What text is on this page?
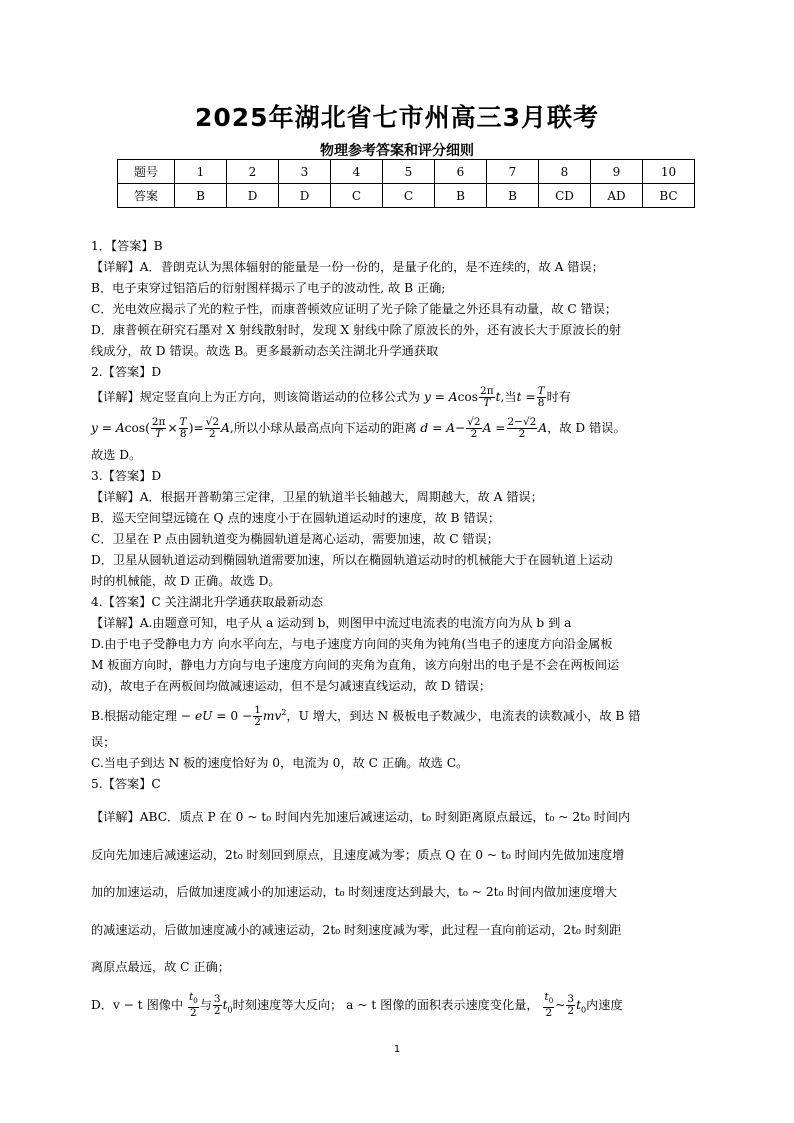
2025年湖北省七市州高三3月联考
物理参考答案和评分细则
题号	1	2	3	4	5	6	7	8	9	10
答案	B	D	D	C	C	B	B	CD	AD	BC

1．【答案】B

【详解】A．普朗克认为黑体辐射的能量是一份一份的，是量子化的，是不连续的，故 A 错误；

B．电子束穿过铝箔后的衍射图样揭示了电子的波动性, 故 B 正确;

C．光电效应揭示了光的粒子性，而康普顿效应证明了光子除了能量之外还具有动量，故 C 错误；

D．康普顿在研究石墨对 X 射线散射时，发现 X 射线中除了原波长的外，还有波长大于原波长的射

线成分，故 D 错误。故选 B。更多最新动态关注湖北升学通获取

2.【答案】D

【详解】规定竖直向上为正方向，则该简谐运动的位移公式为 y = Acos $\frac{2\pi}{T} t$,当$t = \frac{T}{8}$ 时有

$y = Acos( \frac{2\pi}{T} \times \frac{T}{8}$ )= $\frac{√2}{2} A$,所以小球从最高点向下运动的距离 $d = A- \frac{√2}{2}$ $A = \frac{2-√2}{2}$ A，故 D 错误。

故选 D。

3.【答案】D

【详解】A．根据开普勒第三定律，卫星的轨道半长轴越大，周期越大，故 A 错误；

B．巡天空间望远镜在 Q 点的速度小于在圆轨道运动时的速度，故 B 错误；

C．卫星在 P 点由圆轨道变为椭圆轨道是离心运动，需要加速，故 C 错误；

D．卫星从圆轨道运动到椭圆轨道需要加速，所以在椭圆轨道运动时的机械能大于在圆轨道上运动

时的机械能，故 D 正确。故选 D。

4.【答案】C 关注湖北升学通获取最新动态

【详解】A.由题意可知，电子从 a 运动到 b，则图甲中流过电流表的电流方向为从 b 到 a

D.由于电子受静电力方 向水平向左，与电子速度方向间的夹角为钝角(当电子的速度方向沿金属板

M 板面方向时，静电力方向与电子速度方向间的夹角为直角，该方向射出的电子是不会在两板间运

动)，故电子在两板间均做减速运动，但不是匀减速直线运动，故 D 错误；

B.根据动能定理 − eU = $0 - \frac{1}{2} mv^2$，U 增大，到达 N 极板电子数减少，电流表的读数减小，故 B 错

误；

C.当电子到达 N 板的速度恰好为 0，电流为 0，故 C 正确。故选 C。

5.【答案】C

【详解】ABC．质点 P 在 0 ~ t₀ 时间内先加速后减速运动，t₀ 时刻距离原点最远，t₀ ~ 2t₀ 时间内

反向先加速后减速运动，2t₀ 时刻回到原点，且速度减为零；质点 Q 在 0 ~ t₀ 时间内先做加速度增

加的加速运动，后做加速度减小的加速运动，t₀ 时刻速度达到最大，t₀ ~ 2t₀ 时间内做加速度增大

的减速运动，后做加速度减小的减速运动，2t₀ 时刻速度减为零，此过程一直向前运动，2t₀ 时刻距

离原点最远，故 C 正确；

D．v − t 图像中 $\frac{t_0}{2}$ 与 $\frac{3}{2} t_0$时刻速度等大反向； a ~ t 图像的面积表示速度变化量， $\frac{t_0}{2}$ ~ $\frac{3}{2} t_0$内速度

1
